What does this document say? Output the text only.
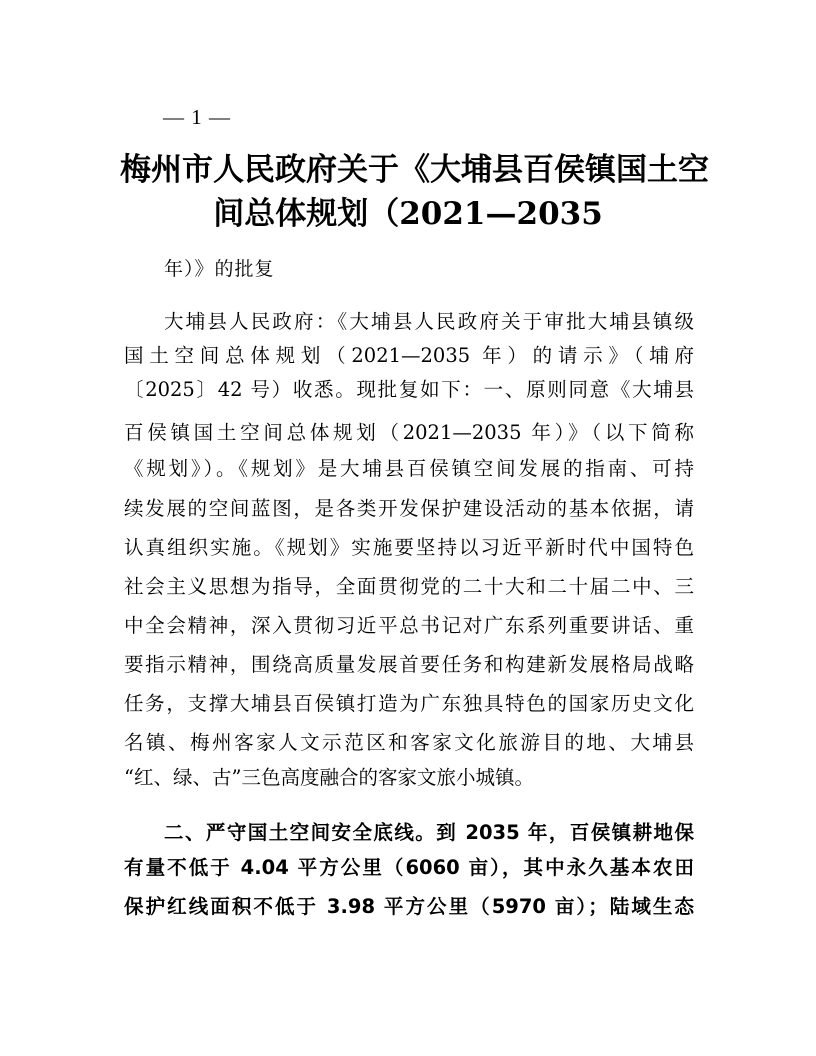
— 1 —
梅州市人民政府关于《大埔县百侯镇国土空
间总体规划（2021—2035
年）》的批复
大埔县人民政府：《大埔县人民政府关于审批大埔县镇级
国土空间总体规划（2021—2035 年）的请示》（埔府
〔2025〕42 号）收悉。现批复如下：一、原则同意《大埔县
百侯镇国土空间总体规划（2021—2035 年）》（以下简称
《规划》）。《规划》是大埔县百侯镇空间发展的指南、可持
续发展的空间蓝图，是各类开发保护建设活动的基本依据，请
认真组织实施。《规划》实施要坚持以习近平新时代中国特色
社会主义思想为指导，全面贯彻党的二十大和二十届二中、三
中全会精神，深入贯彻习近平总书记对广东系列重要讲话、重
要指示精神，围绕高质量发展首要任务和构建新发展格局战略
任务，支撑大埔县百侯镇打造为广东独具特色的国家历史文化
名镇、梅州客家人文示范区和客家文化旅游目的地、大埔县
“红、绿、古”三色高度融合的客家文旅小城镇。
二、严守国土空间安全底线。到 2035 年，百侯镇耕地保
有量不低于 4.04 平方公里（6060 亩），其中永久基本农田
保护红线面积不低于 3.98 平方公里（5970 亩）；陆域生态
